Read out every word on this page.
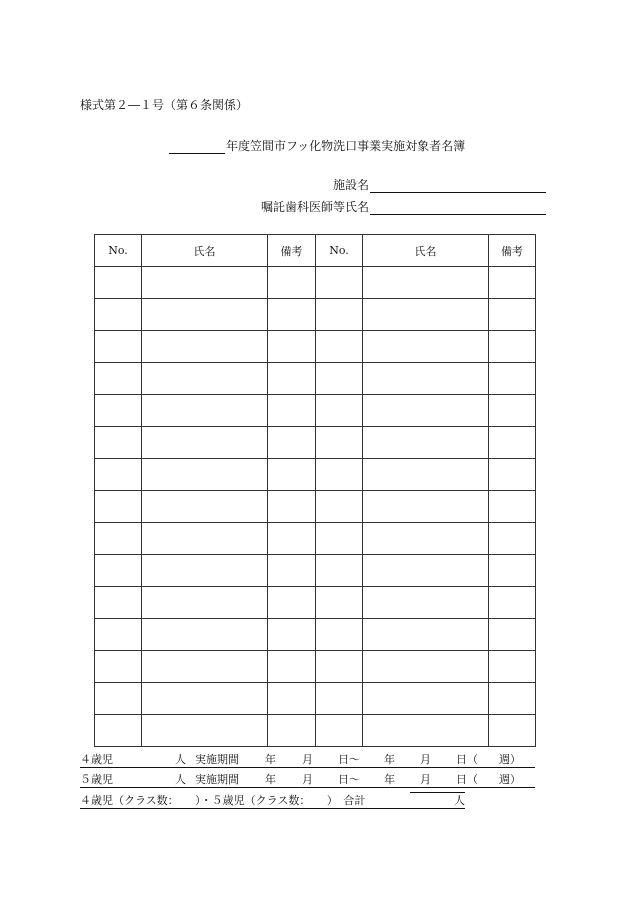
様式第２―１号（第６条関係）
年度笠間市フッ化物洗口事業実施対象者名簿
施設名
嘱託歯科医師等氏名
No.	氏名	備考	No.	氏名	備考

４歳児	人 実施期間 年 月 日～ 年 月 日（ 週）
５歳児	人 実施期間 年 月 日～ 年 月 日（ 週）
４歳児（クラス数：　　）・５歳児（クラス数：　　）　合計	人
